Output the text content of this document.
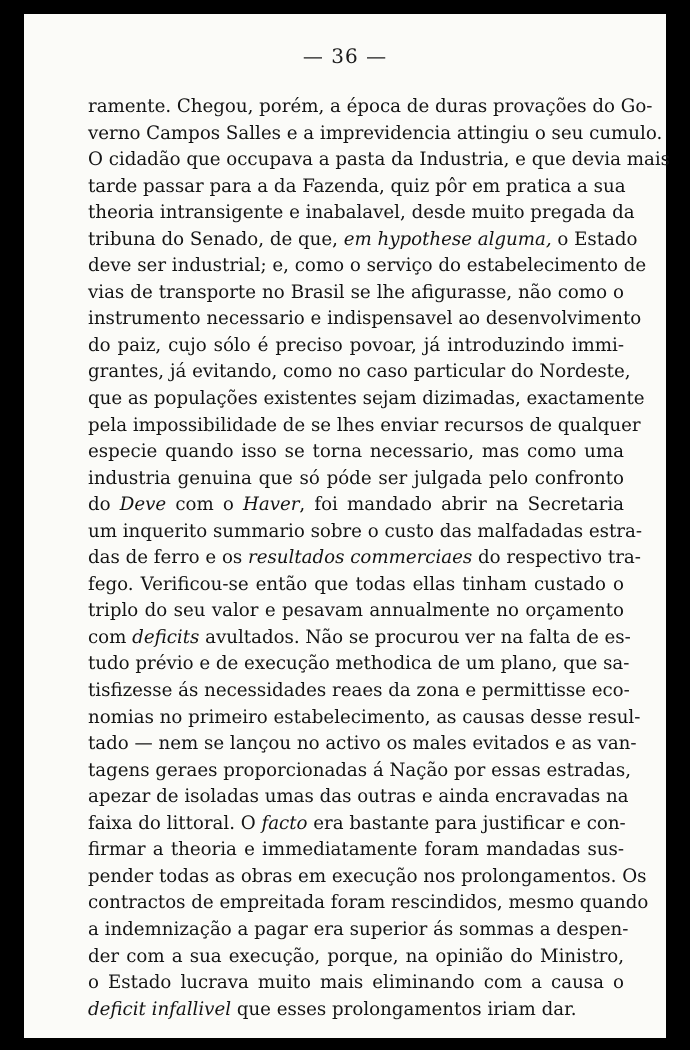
— 36 —
ramente. Chegou, porém, a época de duras provações do Go-
verno Campos Salles e a imprevidencia attingiu o seu cumulo.
O cidadão que occupava a pasta da Industria, e que devia mais
tarde passar para a da Fazenda, quiz pôr em pratica a sua
theoria intransigente e inabalavel, desde muito pregada da
tribuna do Senado, de que, em hypothese alguma, o Estado
deve ser industrial; e, como o serviço do estabelecimento de
vias de transporte no Brasil se lhe afigurasse, não como o
instrumento necessario e indispensavel ao desenvolvimento
do paiz, cujo sólo é preciso povoar, já introduzindo immi-
grantes, já evitando, como no caso particular do Nordeste,
que as populações existentes sejam dizimadas, exactamente
pela impossibilidade de se lhes enviar recursos de qualquer
especie quando isso se torna necessario, mas como uma
industria genuina que só póde ser julgada pelo confronto
do Deve com o Haver, foi mandado abrir na Secretaria
um inquerito summario sobre o custo das malfadadas estra-
das de ferro e os resultados commerciaes do respectivo tra-
fego. Verificou-se então que todas ellas tinham custado o
triplo do seu valor e pesavam annualmente no orçamento
com deficits avultados. Não se procurou ver na falta de es-
tudo prévio e de execução methodica de um plano, que sa-
tisfizesse ás necessidades reaes da zona e permittisse eco-
nomias no primeiro estabelecimento, as causas desse resul-
tado — nem se lançou no activo os males evitados e as van-
tagens geraes proporcionadas á Nação por essas estradas,
apezar de isoladas umas das outras e ainda encravadas na
faixa do littoral. O facto era bastante para justificar e con-
firmar a theoria e immediatamente foram mandadas sus-
pender todas as obras em execução nos prolongamentos. Os
contractos de empreitada foram rescindidos, mesmo quando
a indemnização a pagar era superior ás sommas a despen-
der com a sua execução, porque, na opinião do Ministro,
o Estado lucrava muito mais eliminando com a causa o
deficit infallivel que esses prolongamentos iriam dar.
